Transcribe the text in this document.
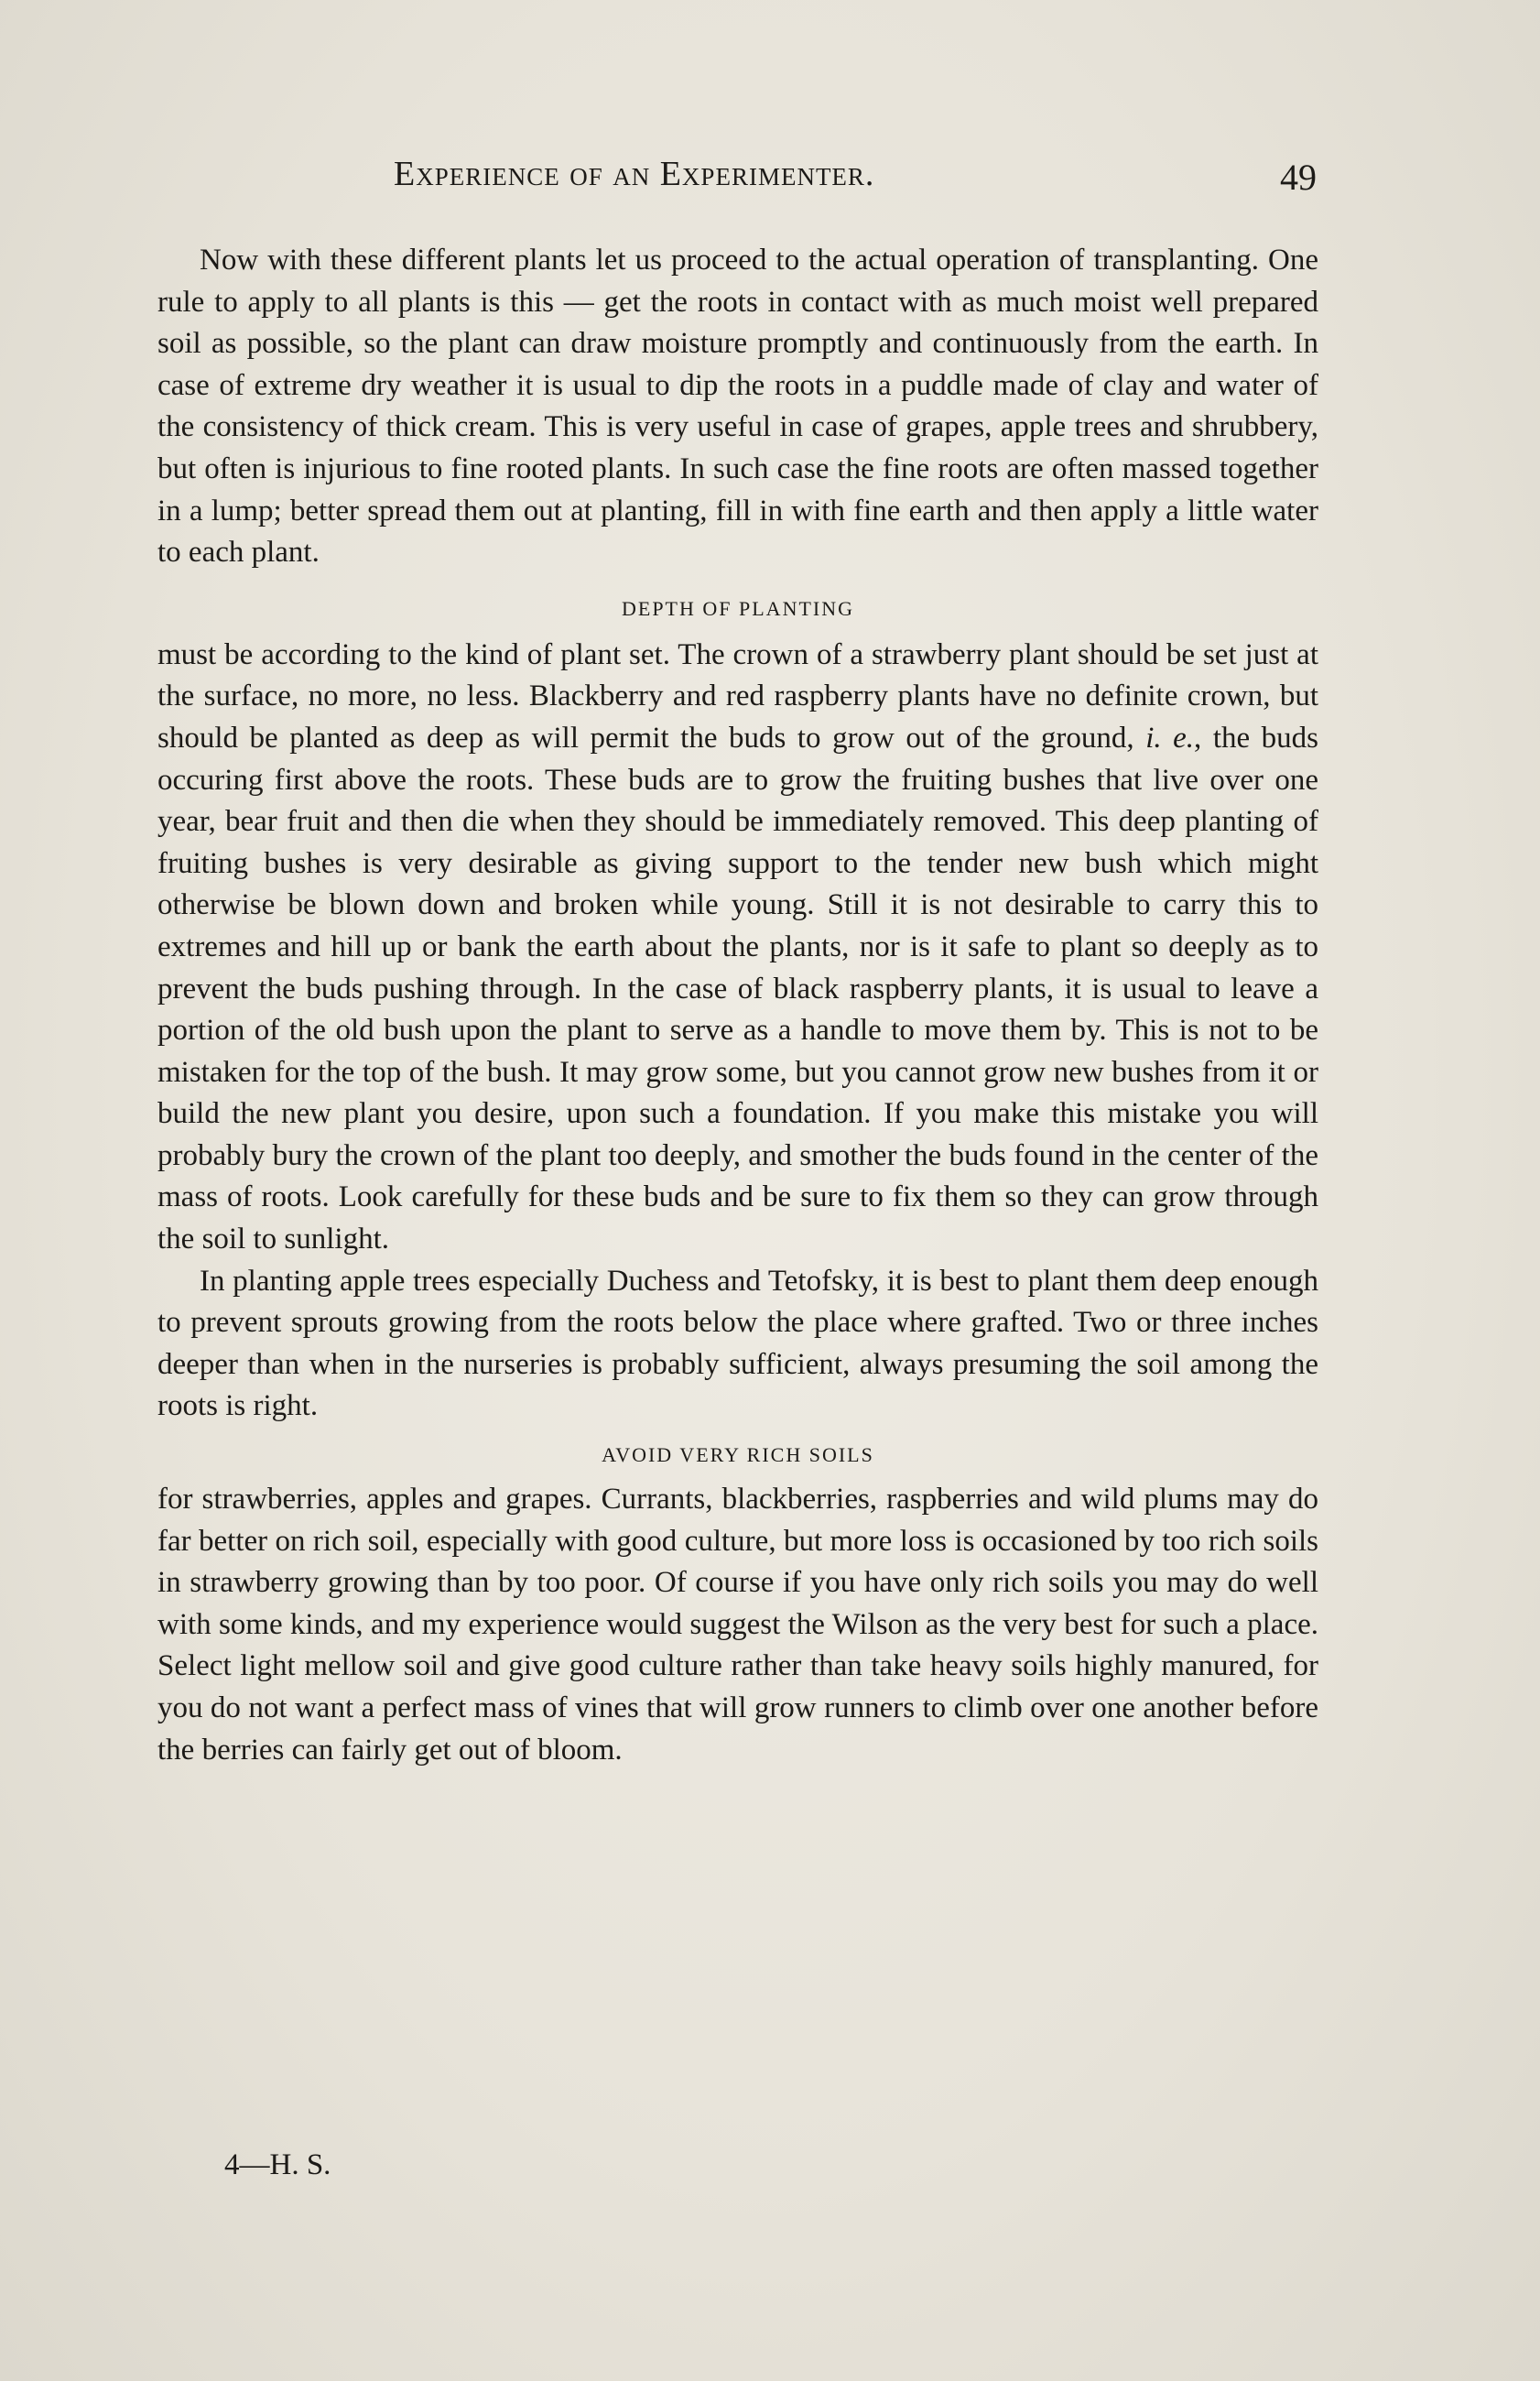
Experience of an Experimenter.	49

Now with these different plants let us proceed to the actual operation of transplanting. One rule to apply to all plants is this — get the roots in contact with as much moist well prepared soil as possible, so the plant can draw moisture promptly and continuously from the earth. In case of extreme dry weather it is usual to dip the roots in a puddle made of clay and water of the consistency of thick cream. This is very useful in case of grapes, apple trees and shrubbery, but often is injurious to fine rooted plants. In such case the fine roots are often massed together in a lump; better spread them out at planting, fill in with fine earth and then apply a little water to each plant.

DEPTH OF PLANTING

must be according to the kind of plant set. The crown of a strawberry plant should be set just at the surface, no more, no less. Blackberry and red raspberry plants have no definite crown, but should be planted as deep as will permit the buds to grow out of the ground, i. e., the buds occuring first above the roots. These buds are to grow the fruiting bushes that live over one year, bear fruit and then die when they should be immediately removed. This deep planting of fruiting bushes is very desirable as giving support to the tender new bush which might otherwise be blown down and broken while young. Still it is not desirable to carry this to extremes and hill up or bank the earth about the plants, nor is it safe to plant so deeply as to prevent the buds pushing through. In the case of black raspberry plants, it is usual to leave a portion of the old bush upon the plant to serve as a handle to move them by. This is not to be mistaken for the top of the bush. It may grow some, but you cannot grow new bushes from it or build the new plant you desire, upon such a foundation. If you make this mistake you will probably bury the crown of the plant too deeply, and smother the buds found in the center of the mass of roots. Look carefully for these buds and be sure to fix them so they can grow through the soil to sunlight.

In planting apple trees especially Duchess and Tetofsky, it is best to plant them deep enough to prevent sprouts growing from the roots below the place where grafted. Two or three inches deeper than when in the nurseries is probably sufficient, always presuming the soil among the roots is right.

AVOID VERY RICH SOILS

for strawberries, apples and grapes. Currants, blackberries, raspberries and wild plums may do far better on rich soil, especially with good culture, but more loss is occasioned by too rich soils in strawberry growing than by too poor. Of course if you have only rich soils you may do well with some kinds, and my experience would suggest the Wilson as the very best for such a place. Select light mellow soil and give good culture rather than take heavy soils highly manured, for you do not want a perfect mass of vines that will grow runners to climb over one another before the berries can fairly get out of bloom.

4—H. S.
